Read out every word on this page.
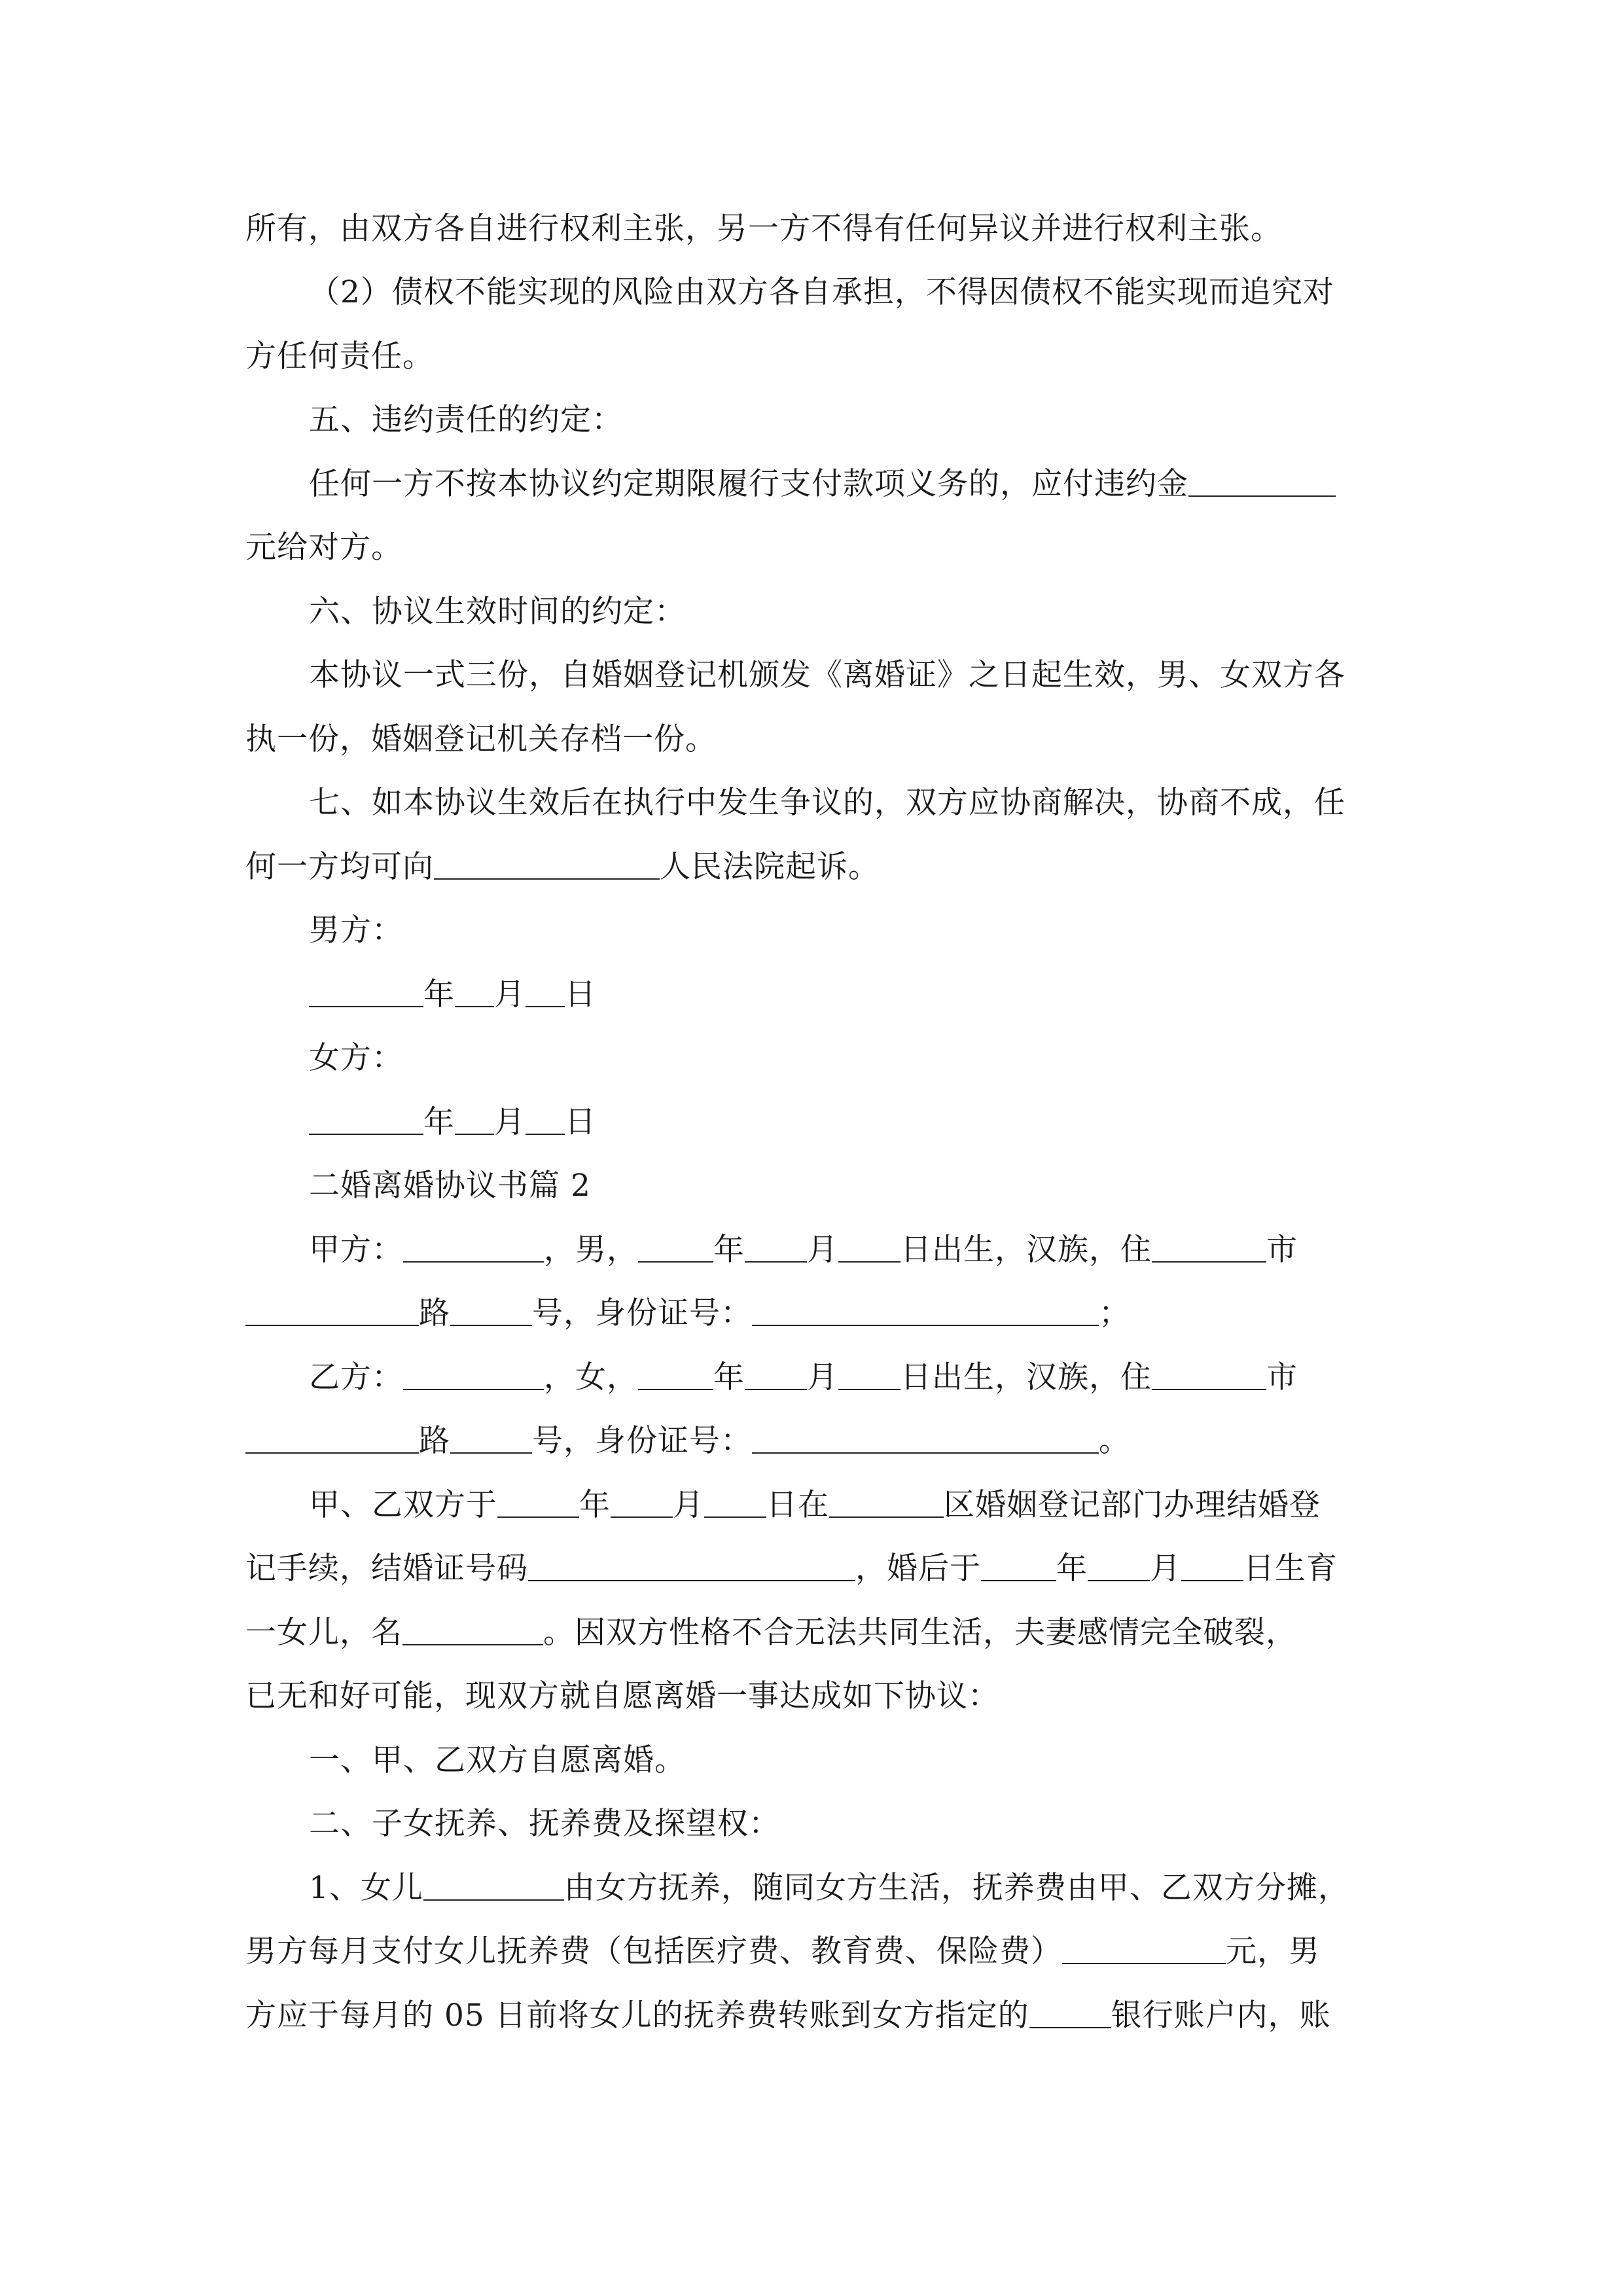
所有，由双方各自进行权利主张，另一方不得有任何异议并进行权利主张。
（2）债权不能实现的风险由双方各自承担，不得因债权不能实现而追究对
方任何责任。
五、违约责任的约定：
任何一方不按本协议约定期限履行支付款项义务的，应付违约金
元给对方。
六、协议生效时间的约定：
本协议一式三份，自婚姻登记机颁发《离婚证》之日起生效，男、女双方各
执一份，婚姻登记机关存档一份。
七、如本协议生效后在执行中发生争议的，双方应协商解决，协商不成，任
何一方均可向	人民法院起诉。
男方：
年 月 日
女方：
年 月 日
二婚离婚协议书篇 2
甲方：	，男， 年 月 日出生，汉族，住	市
路	号，身份证号：	；
乙方：	，女， 年 月 日出生，汉族，住	市
路	号，身份证号：	。
甲、乙双方于	年 月 日在	区婚姻登记部门办理结婚登
记手续，结婚证号码	，婚后于 年 月 日生育
一女儿，名	。因双方性格不合无法共同生活，夫妻感情完全破裂，
已无和好可能，现双方就自愿离婚一事达成如下协议：
一、甲、乙双方自愿离婚。
二、子女抚养、抚养费及探望权：
1、女儿	由女方抚养，随同女方生活，抚养费由甲、乙双方分摊，
男方每月支付女儿抚养费（包括医疗费、教育费、保险费）	元，男
方应于每月的 05 日前将女儿的抚养费转账到女方指定的	银行账户内，账
